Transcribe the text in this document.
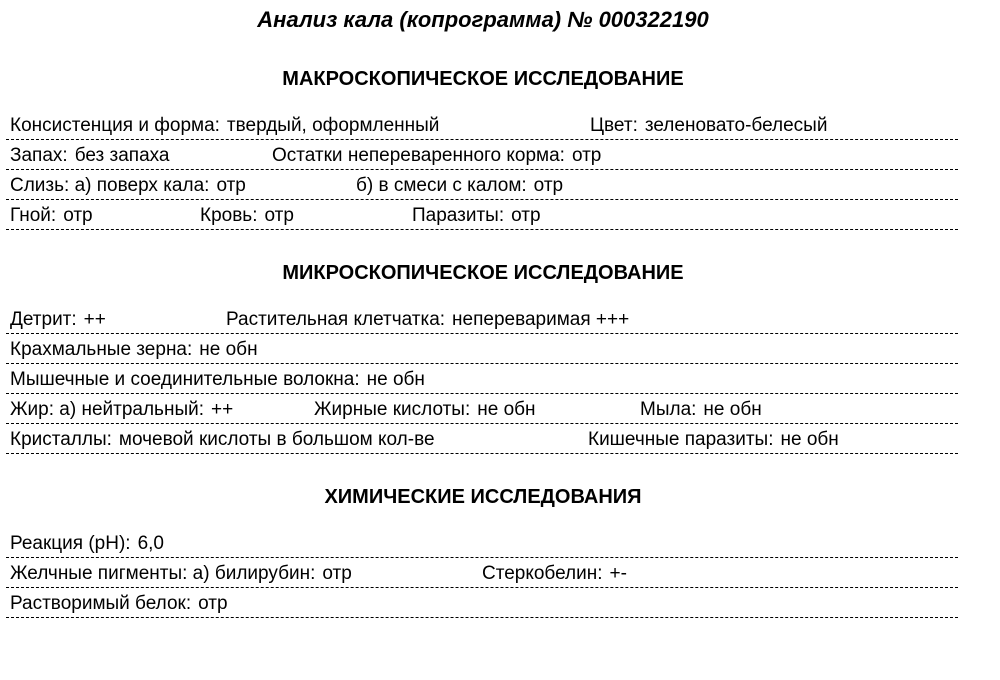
Анализ кала (копрограмма) № 000322190
МАКРОСКОПИЧЕСКОЕ ИССЛЕДОВАНИЕ
Консистенция и форма: твердый, оформленный	Цвет: зеленовато-белесый
Запах: без запаха	Остатки непереваренного корма: отр
Слизь: а) поверх кала: отр	б) в смеси с калом: отр
Гной: отр	Кровь: отр	Паразиты: отр
МИКРОСКОПИЧЕСКОЕ ИССЛЕДОВАНИЕ
Детрит: ++	Растительная клетчатка: непереваримая +++
Крахмальные зерна: не обн
Мышечные и соединительные волокна: не обн
Жир: а) нейтральный: ++	Жирные кислоты: не обн	Мыла: не обн
Кристаллы: мочевой кислоты в большом кол-ве	Кишечные паразиты: не обн
ХИМИЧЕСКИЕ ИССЛЕДОВАНИЯ
Реакция (pH): 6,0
Желчные пигменты: а) билирубин: отр	Стеркобелин: +-
Растворимый белок: отр
